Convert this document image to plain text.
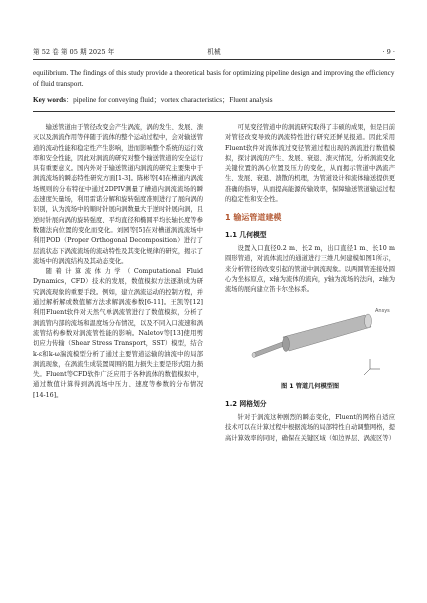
第 52 卷 第 05 期 2025 年	机械	· 9 ·
equilibrium. The findings of this study provide a theoretical basis for optimizing pipeline design and improving the efficiency of fluid transport.
Key words：pipeline for conveying fluid；vortex characteristics；Fluent analysis

输送管道由于管径改变会产生涡流，涡的发生、发展、溃灭以及涡流作用等伴随于流体的整个运动过程中，会对输送管道的流动性能和稳定性产生影响，进而影响整个系统的运行效率和安全性能，因此对涡流的研究对整个输送管道的安全运行具有重要意义。国内外对于输送管道内涡流的研究主要集中于涡流流场的瞬态特性研究方面[1-3]。陈彬等[4]在槽道内涡流场规则的分布特征中通过2DPIV测量了槽道内涡流流场的瞬态速度矢量场，利用雷诺分解和旋转强度准则进行了展向涡的识别，认为流场中的顺时针展向涡数量大于逆时针展向涡，且逆时针展向涡的旋转强度、平均直径和椭圆平均长轴长度等参数随法向位置的变化而变化。刘园等[5]在对槽道涡流流场中利用POD（Proper Orthogonal Decomposition）进行了层流状态下涡流流场的流动特性及其变化规律的研究，揭示了流场中的涡流结构及其动态变化。

随着计算流体力学（Computational Fluid Dynamics，CFD）技术的发展，数值模拟方法逐渐成为研究涡流现象的重要手段。例如，建立涡流运动的控制方程，并通过解析解或数值解方法求解涡流参数[6-11]。王凯等[12]利用Fluent软件对天然气单涡流管进行了数值模拟，分析了涡流管内部的流场和温度场分布情况，以及不同入口流速和涡流管结构参数对涡流管性能的影响。Naletov等[13]使用剪切应力传输（Shear Stress Transport，SST）模型，结合k-ε和k-ω湍流模型分析了通过主要管道运输的油流中的局部涡流现象，在涡流生成装置周围的阻力损失主要是形式阻力损失。Fluent等CFD软件广泛应用于各种流体的数值模拟中，通过数值计算得到涡流场中压力、速度等参数的分布情况[14-16]。

可见变径管道中的涡流研究取得了丰硕的成果，但是目前对管径改变导致的涡流特性进行研究还鲜见报道。因此采用Fluent软件对流体流过变径管道过程出现的涡流进行数值模拟，探讨涡流的产生、发展、衰退、溃灭情况，分析涡流变化关键位置的涡心位置及压力的变化，从而揭示管道中涡流产生、发展、衰退、溃散的机理，为管道设计和流体输送提供更准确的指导，从而提高能源传输效率，保障输送管道输运过程的稳定性和安全性。

1 输运管道建模
1.1 几何模型

设置入口直径0.2 m、长2 m，出口直径1 m、长10 m圆形管道，对流体流过的通道进行三维几何建模如图1所示，来分析管径的改变引起的管道中涡流现象。以两圆管连接处圆心为坐标原点，x轴为流体的流向，y轴为流场的法向，z轴为流场的展向建立笛卡尔坐标系。

Ansys
图 1 管道几何模型图
1.2 网格划分

针对于涡流这种剧烈的瞬态变化，Fluent的网格自适应技术可以在计算过程中根据流场的局部特性自动调整网格，提高计算效率的同时，确保在关键区域（如边界层、涡流区等）
